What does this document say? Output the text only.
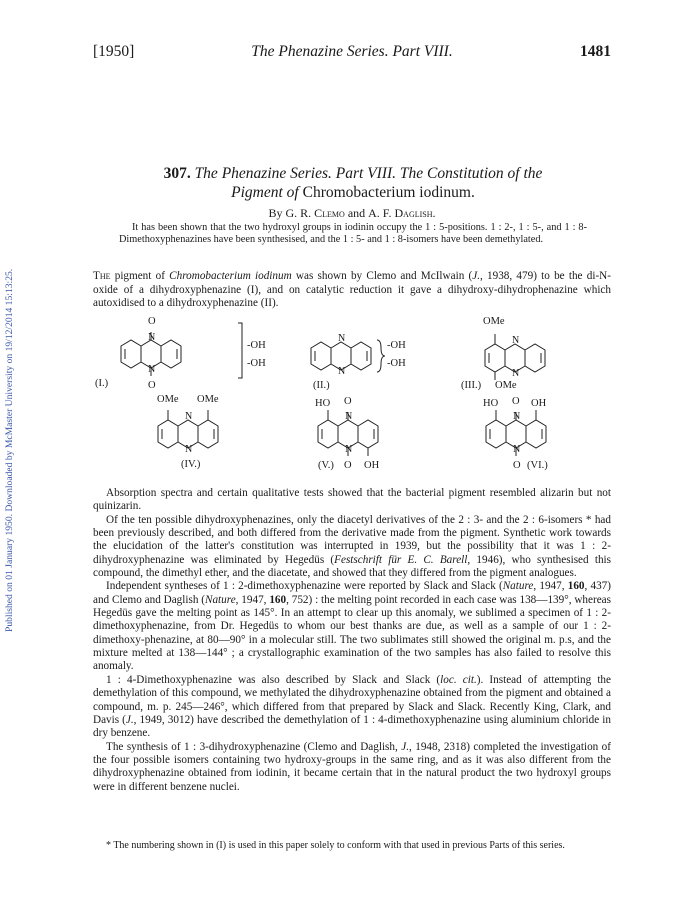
[1950]	The Phenazine Series. Part VIII.	1481
Published on 01 January 1950. Downloaded by McMaster University on 19/12/2014 15:13:25.
307. The Phenazine Series. Part VIII. The Constitution of the
Pigment of Chromobacterium iodinum.
By G. R. Clemo and A. F. Daglish.

It has been shown that the two hydroxyl groups in iodinin occupy the 1 : 5-positions. 1 : 2-, 1 : 5-, and 1 : 8-Dimethoxyphenazines have been synthesised, and the 1 : 5- and 1 : 8-isomers have been demethylated.

The pigment of Chromobacterium iodinum was shown by Clemo and McIlwain (J., 1938, 479) to be the di-N-oxide of a dihydroxyphenazine (I), and on catalytic reduction it gave a dihydroxy-dihydrophenazine which autoxidised to a dihydroxyphenazine (II).

O
N
N
O
-OH
-OH
(I.)
N
N
-OH
-OH
(II.)
OMe
N
N
OMe
(III.)
OMe OMe
N
N
(IV.)
HO O
N
N
O OH
(V.)
HO O OH
N
N
O (VI.)

Absorption spectra and certain qualitative tests showed that the bacterial pigment resembled alizarin but not quinizarin.

Of the ten possible dihydroxyphenazines, only the diacetyl derivatives of the 2 : 3- and the 2 : 6-isomers * had been previously described, and both differed from the derivative made from the pigment. Synthetic work towards the elucidation of the latter's constitution was interrupted in 1939, but the possibility that it was 1 : 2-dihydroxyphenazine was eliminated by Hegedüs (Festschrift für E. C. Barell, 1946), who synthesised this compound, the dimethyl ether, and the diacetate, and showed that they differed from the pigment analogues.

Independent syntheses of 1 : 2-dimethoxyphenazine were reported by Slack and Slack (Nature, 1947, 160, 437) and Clemo and Daglish (Nature, 1947, 160, 752) : the melting point recorded in each case was 138—139°, whereas Hegedüs gave the melting point as 145°. In an attempt to clear up this anomaly, we sublimed a specimen of 1 : 2-dimethoxyphenazine, from Dr. Hegedüs to whom our best thanks are due, as well as a sample of our 1 : 2-dimethoxy-phenazine, at 80—90° in a molecular still. The two sublimates still showed the original m. p.s, and the mixture melted at 138—144° ; a crystallographic examination of the two samples has also failed to resolve this anomaly.

1 : 4-Dimethoxyphenazine was also described by Slack and Slack (loc. cit.). Instead of attempting the demethylation of this compound, we methylated the dihydroxyphenazine obtained from the pigment and obtained a compound, m. p. 245—246°, which differed from that prepared by Slack and Slack. Recently King, Clark, and Davis (J., 1949, 3012) have described the demethylation of 1 : 4-dimethoxyphenazine using aluminium chloride in dry benzene.

The synthesis of 1 : 3-dihydroxyphenazine (Clemo and Daglish, J., 1948, 2318) completed the investigation of the four possible isomers containing two hydroxy-groups in the same ring, and as it was also different from the dihydroxyphenazine obtained from iodinin, it became certain that in the natural product the two hydroxyl groups were in different benzene nuclei.

* The numbering shown in (I) is used in this paper solely to conform with that used in previous Parts of this series.
